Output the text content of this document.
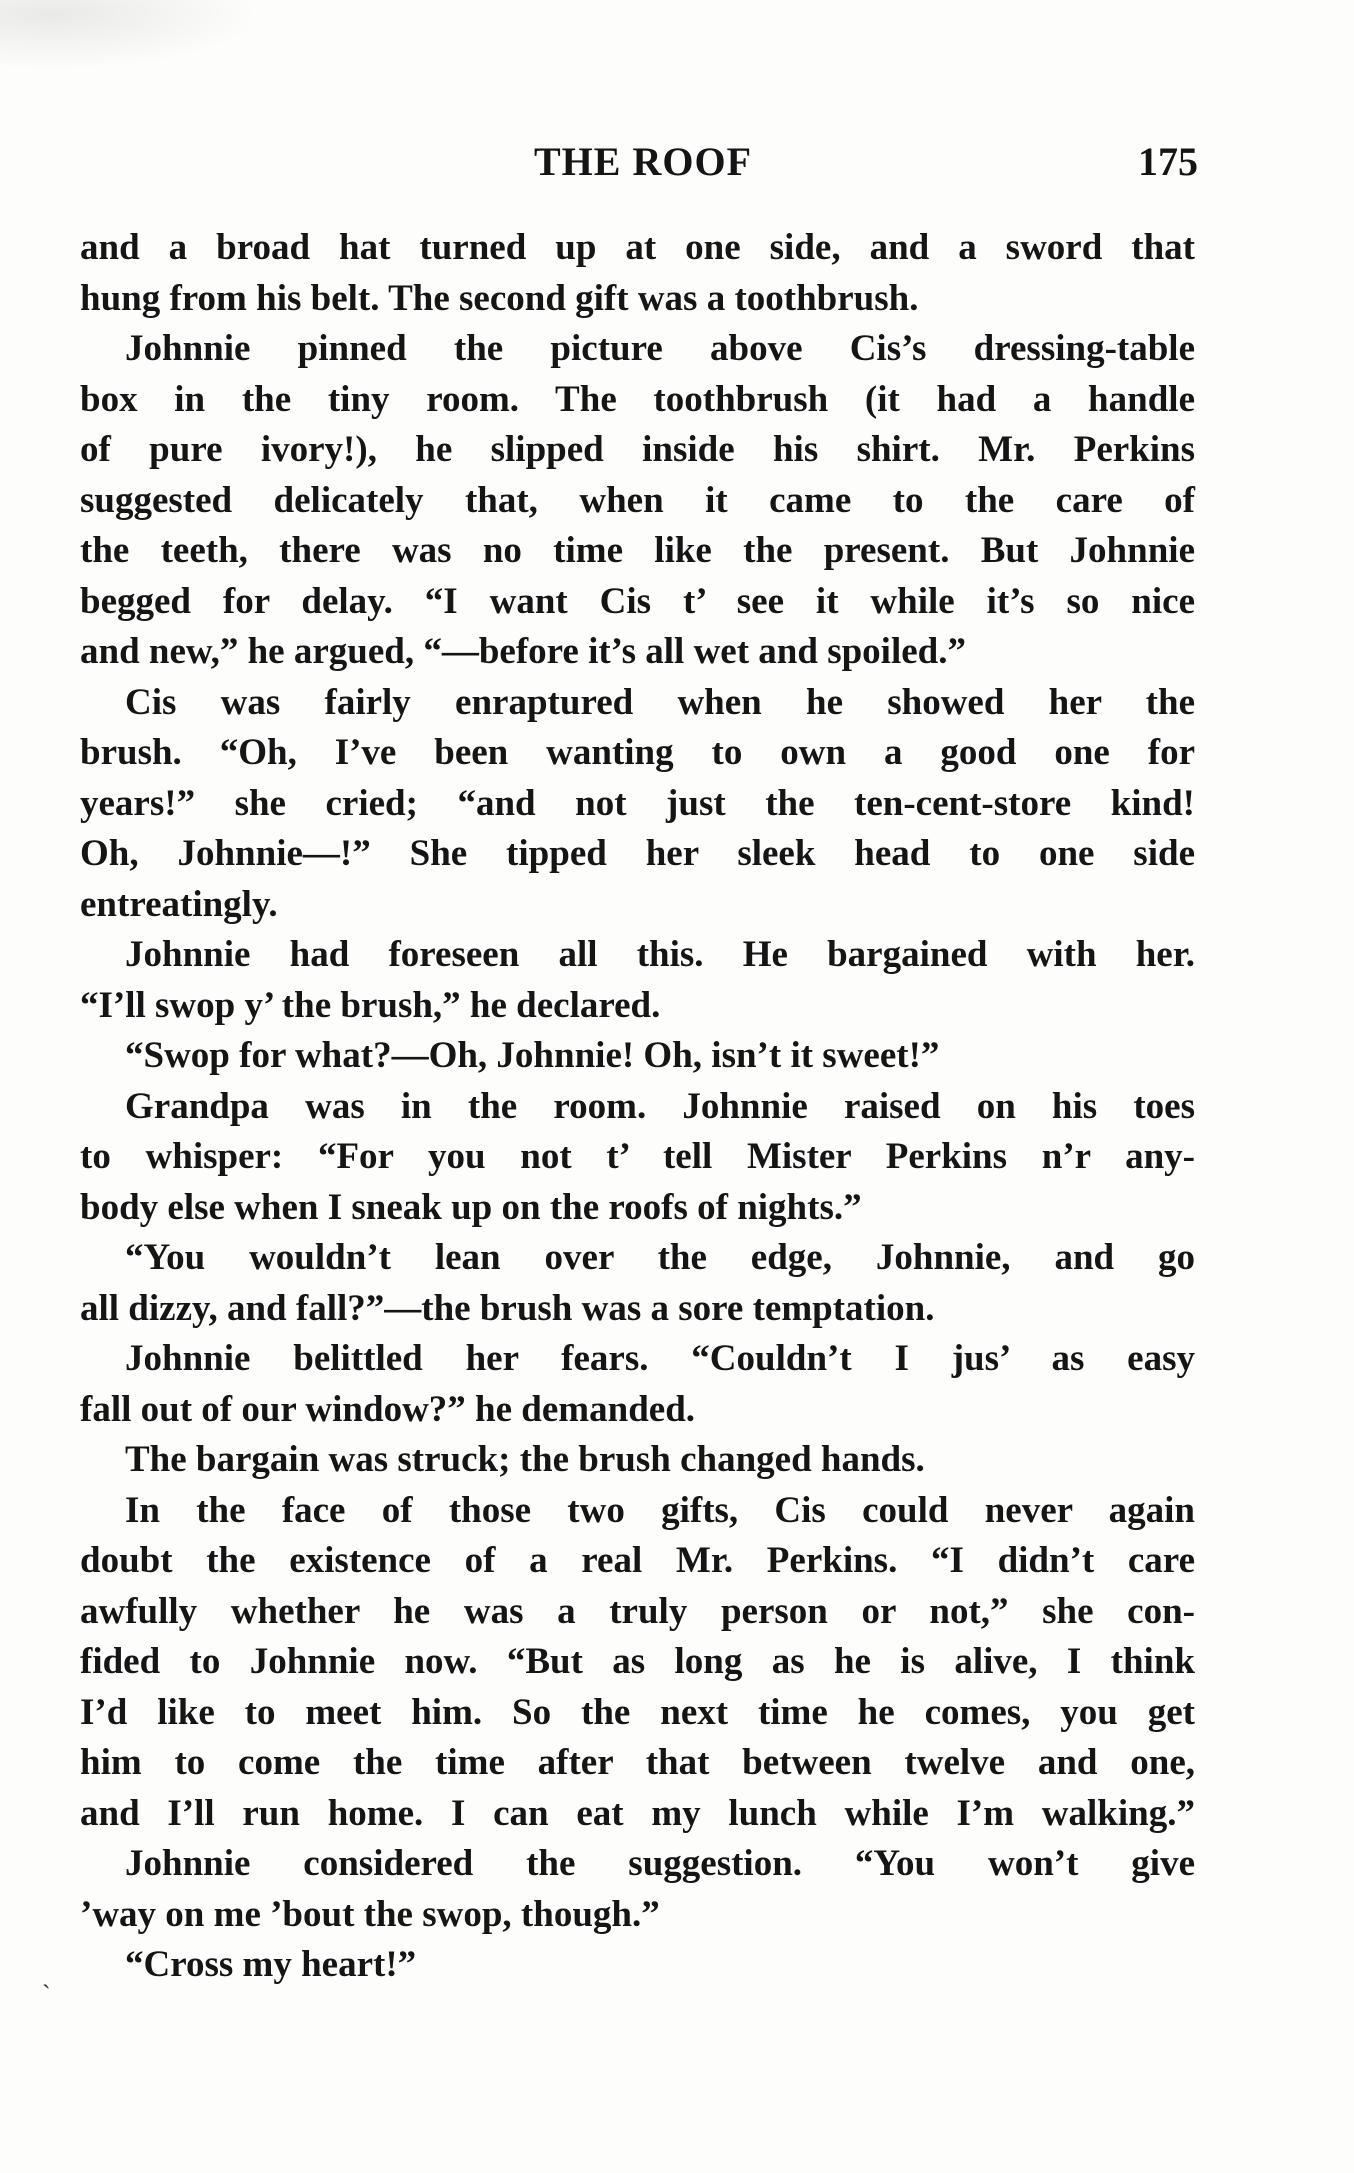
THE ROOF	175
and a broad hat turned up at one side, and a sword that
hung from his belt. The second gift was a toothbrush.
Johnnie pinned the picture above Cis’s dressing-table
box in the tiny room. The toothbrush (it had a handle
of pure ivory!), he slipped inside his shirt. Mr. Perkins
suggested delicately that, when it came to the care of
the teeth, there was no time like the present. But Johnnie
begged for delay. “I want Cis t’ see it while it’s so nice
and new,” he argued, “—before it’s all wet and spoiled.”
Cis was fairly enraptured when he showed her the
brush. “Oh, I’ve been wanting to own a good one for
years!” she cried; “and not just the ten-cent-store kind!
Oh, Johnnie—!” She tipped her sleek head to one side
entreatingly.
Johnnie had foreseen all this. He bargained with her.
“I’ll swop y’ the brush,” he declared.
“Swop for what?—Oh, Johnnie! Oh, isn’t it sweet!”
Grandpa was in the room. Johnnie raised on his toes
to whisper: “For you not t’ tell Mister Perkins n’r any-
body else when I sneak up on the roofs of nights.”
“You wouldn’t lean over the edge, Johnnie, and go
all dizzy, and fall?”—the brush was a sore temptation.
Johnnie belittled her fears. “Couldn’t I jus’ as easy
fall out of our window?” he demanded.
The bargain was struck; the brush changed hands.
In the face of those two gifts, Cis could never again
doubt the existence of a real Mr. Perkins. “I didn’t care
awfully whether he was a truly person or not,” she con-
fided to Johnnie now. “But as long as he is alive, I think
I’d like to meet him. So the next time he comes, you get
him to come the time after that between twelve and one,
and I’ll run home. I can eat my lunch while I’m walking.”
Johnnie considered the suggestion. “You won’t give
’way on me ’bout the swop, though.”
“Cross my heart!”
ˎ
